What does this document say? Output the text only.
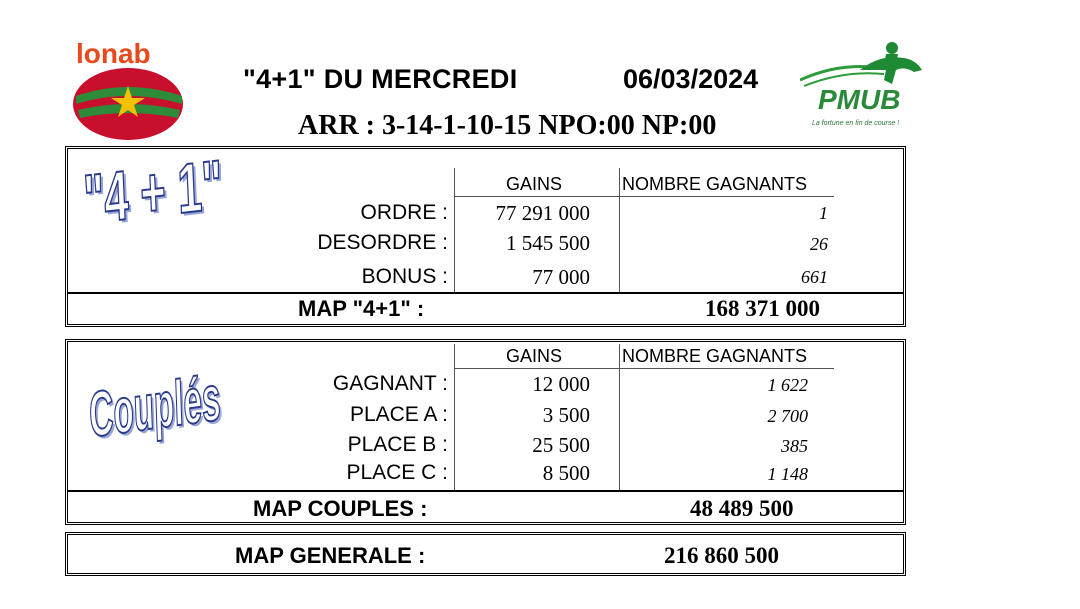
lonab
PMUB
La fortune en fin de course !
"4+1" DU MERCREDI	06/03/2024
ARR : 3-14-1-10-15 NPO:00 NP:00
"4 + 1"	GAINS	NOMBRE GAGNANTS
ORDRE :	77 291 000	1
DESORDRE :	1 545 500	26
BONUS :	77 000	661
MAP "4+1" :	168 371 000
Couplés
GAINS	NOMBRE GAGNANTS
GAGNANT :	12 000	1 622
PLACE A :	3 500	2 700
PLACE B :	25 500	385
PLACE C :	8 500	1 148
MAP COUPLES :	48 489 500
MAP GENERALE :	216 860 500
